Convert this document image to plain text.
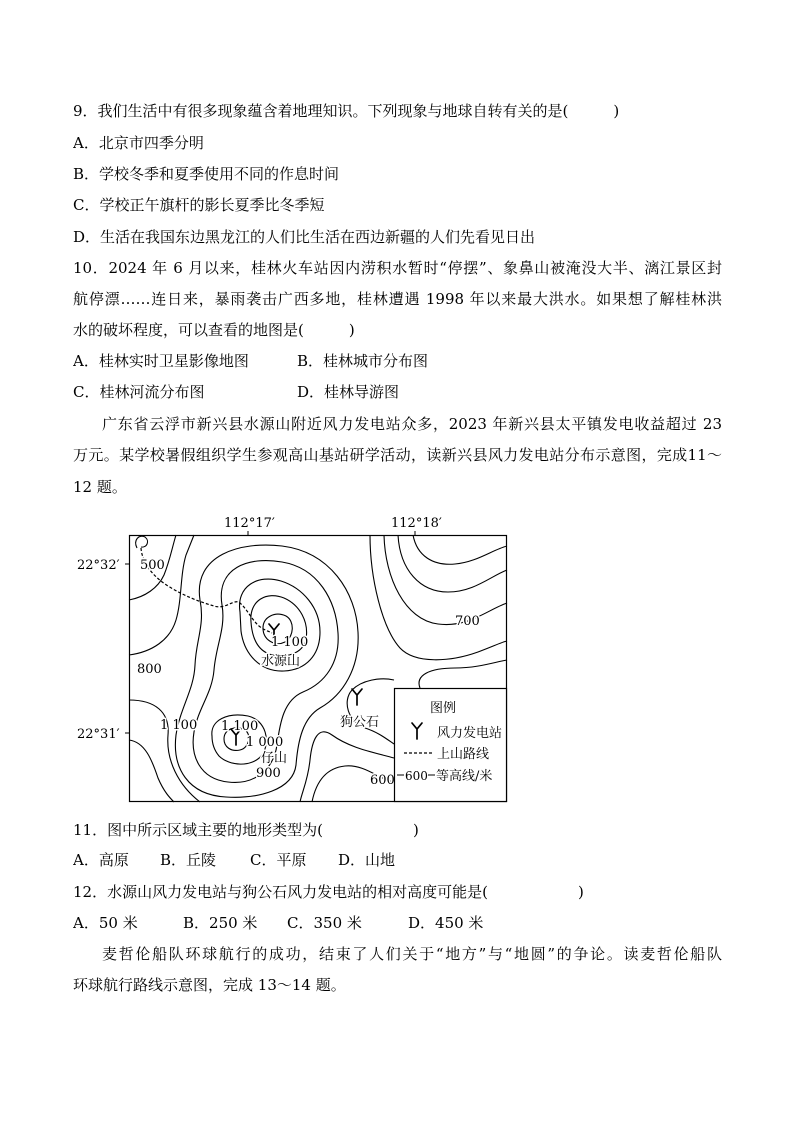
9．我们生活中有很多现象蕴含着地理知识。下列现象与地球自转有关的是(　　　)
A．北京市四季分明
B．学校冬季和夏季使用不同的作息时间
C．学校正午旗杆的影长夏季比冬季短
D．生活在我国东边黑龙江的人们比生活在西边新疆的人们先看见日出
10．2024 年 6 月以来，桂林火车站因内涝积水暂时“停摆”、象鼻山被淹没大半、漓江景区封
航停漂……连日来，暴雨袭击广西多地，桂林遭遇 1998 年以来最大洪水。如果想了解桂林洪
水的破坏程度，可以查看的地图是(　　　)
A．桂林实时卫星影像地图	B．桂林城市分布图
C．桂林河流分布图	D．桂林导游图
广东省云浮市新兴县水源山附近风力发电站众多，2023 年新兴县太平镇发电收益超过 23
万元。某学校暑假组织学生参观高山基站研学活动，读新兴县风力发电站分布示意图，完成11～
12 题。
112°17′	112°18′
22°32′
22°31′
500
1 100
800
700
1 100 1 100
1 000
900	600
水源山
狗公石
仔山
图例
风力发电站
上山路线
600 等高线/米
11．图中所示区域主要的地形类型为(　　　　　　)
A．高原 B．丘陵 C．平原 D．山地
12．水源山风力发电站与狗公石风力发电站的相对高度可能是(　　　　　　)
A．50 米	B．250 米 C．350 米	D．450 米
麦哲伦船队环球航行的成功，结束了人们关于“地方”与“地圆”的争论。读麦哲伦船队
环球航行路线示意图，完成 13～14 题。
